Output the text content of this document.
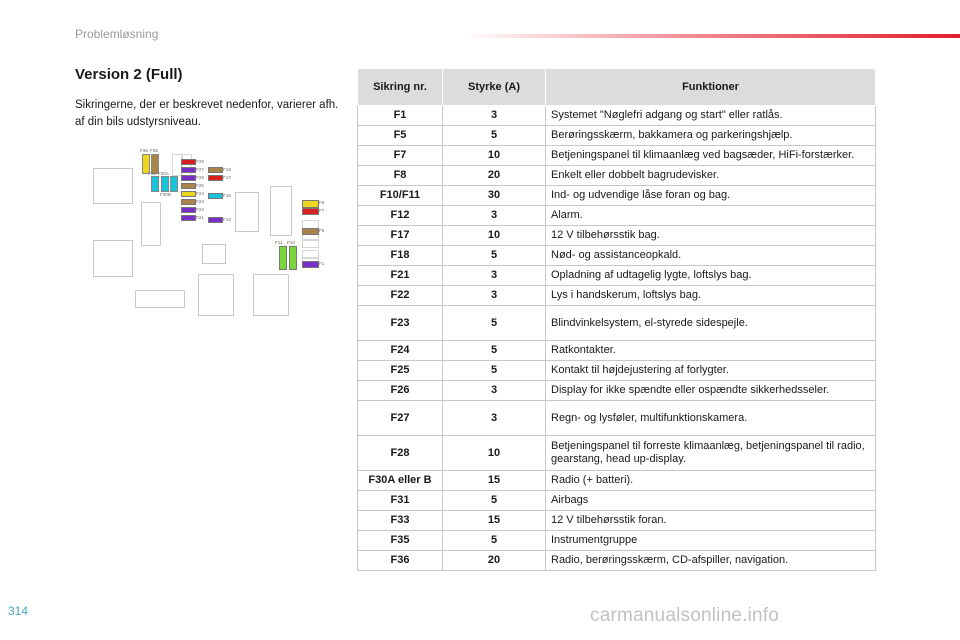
Problemløsning
Version 2 (Full)
Sikringerne, der er beskrevet nedenfor, varierer afh. af din bils udstyrsniveau.
F36 F35
F31 F30A
F30B
F28
F27
F26
F25
F24
F23
F22
F21
F18
F17
F15
F12
F11 F10
F8
F7
F5
F1
Sikring nr.	Styrke (A)	Funktioner
F1	3	Systemet "Nøglefri adgang og start" eller ratlås.
F5	5	Berøringsskærm, bakkamera og parkeringshjælp.
F7	10	Betjeningspanel til klimaanlæg ved bagsæder, HiFi-forstærker.
F8	20	Enkelt eller dobbelt bagrudevisker.
F10/F11	30	Ind- og udvendige låse foran og bag.
F12	3	Alarm.
F17	10	12 V tilbehørsstik bag.
F18	5	Nød- og assistanceopkald.
F21	3	Opladning af udtagelig lygte, loftslys bag.
F22	3	Lys i handskerum, loftslys bag.
F23	5	Blindvinkelsystem, el-styrede sidespejle.
F24	5	Ratkontakter.
F25	5	Kontakt til højdejustering af forlygter.
F26	3	Display for ikke spændte eller ospændte sikkerhedsseler.
F27	3	Regn- og lysføler, multifunktionskamera.
F28	10	Betjeningspanel til forreste klimaanlæg, betjeningspanel til radio, gearstang, head up-display.
F30A eller B	15	Radio (+ batteri).
F31	5	Airbags
F33	15	12 V tilbehørsstik foran.
F35	5	Instrumentgruppe
F36	20	Radio, berøringsskærm, CD-afspiller, navigation.
314	carmanualsonline.info
